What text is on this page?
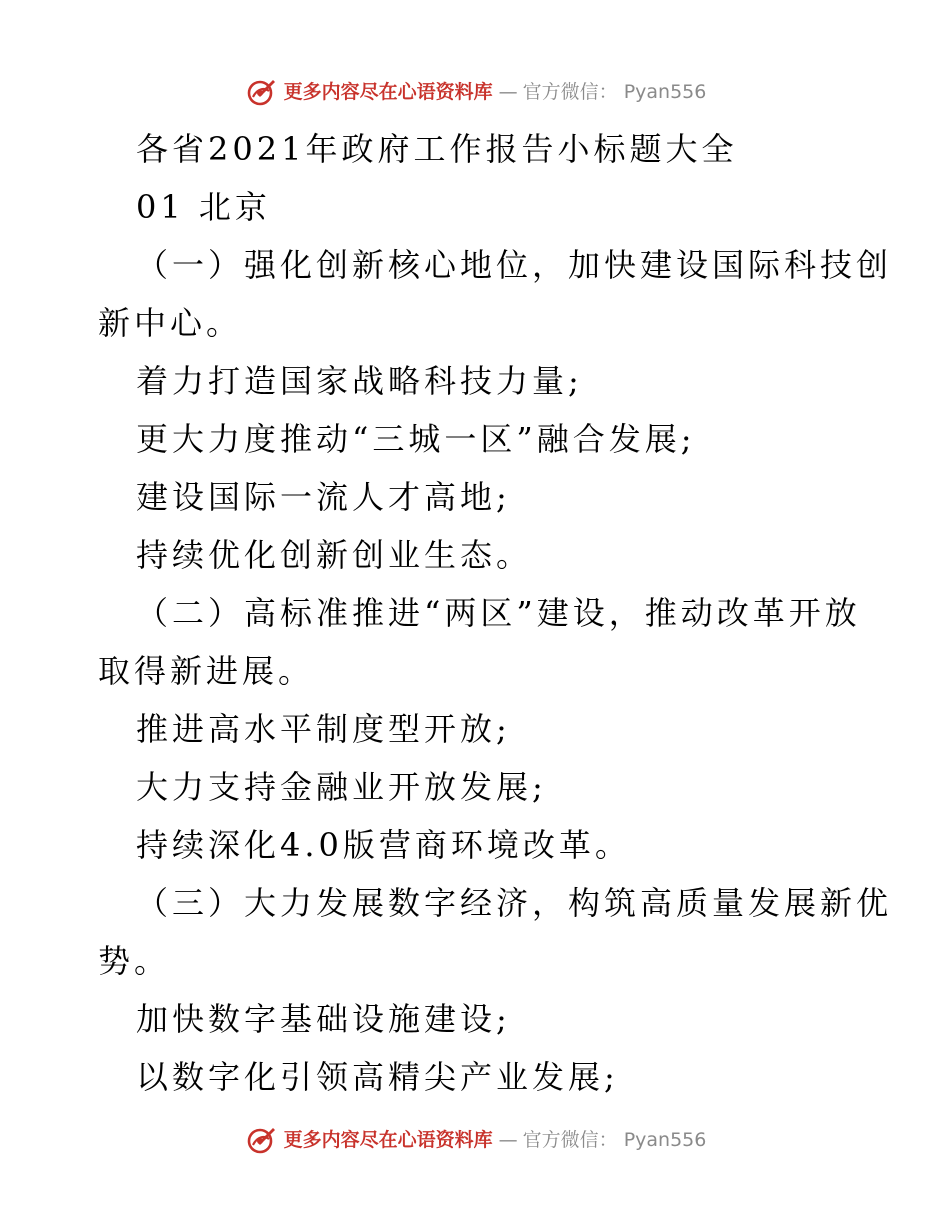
更多内容尽在心语资料库 — 官方微信： Pyan556
各省2021年政府工作报告小标题大全
01 北京
（一）强化创新核心地位，加快建设国际科技创
新中心。
着力打造国家战略科技力量;
更大力度推动“三城一区”融合发展;
建设国际一流人才高地;
持续优化创新创业生态。
（二）高标准推进“两区”建设，推动改革开放
取得新进展。
推进高水平制度型开放;
大力支持金融业开放发展;
持续深化4.0版营商环境改革。
（三）大力发展数字经济，构筑高质量发展新优
势。
加快数字基础设施建设;
以数字化引领高精尖产业发展;
更多内容尽在心语资料库 — 官方微信： Pyan556
